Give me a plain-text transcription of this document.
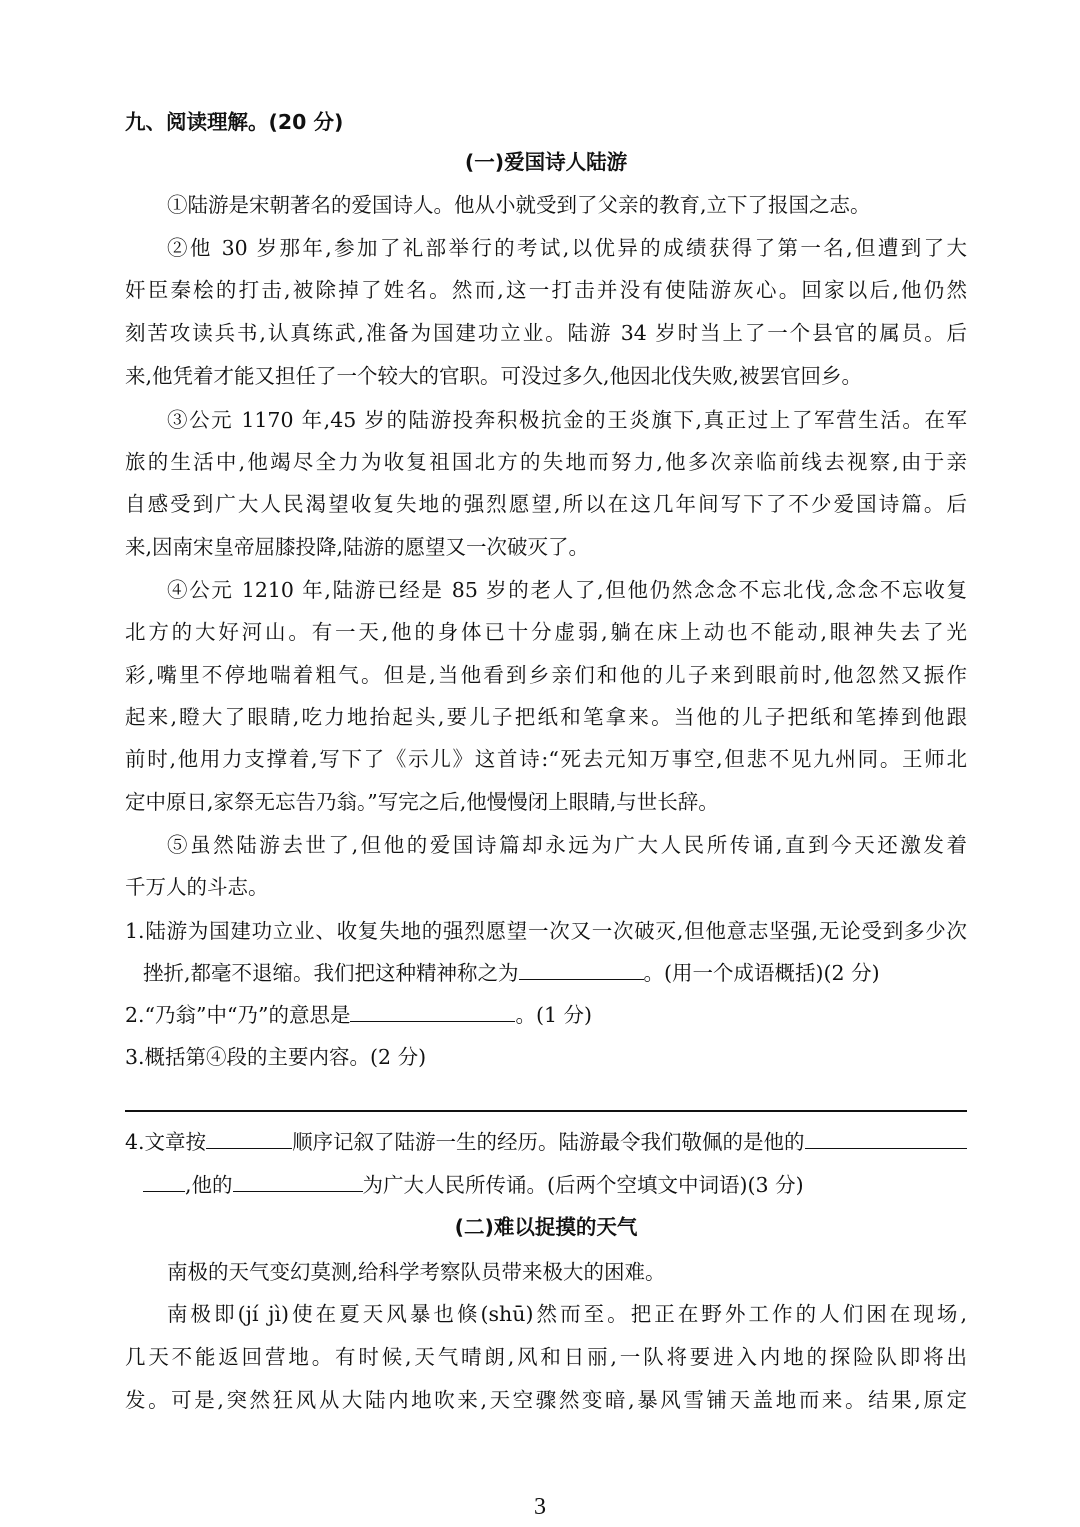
九、阅读理解。(20 分)
(一)爱国诗人陆游
①陆游是宋朝著名的爱国诗人。他从小就受到了父亲的教育,立下了报国之志。
②他 30 岁那年,参加了礼部举行的考试,以优异的成绩获得了第一名,但遭到了大
奸臣秦桧的打击,被除掉了姓名。然而,这一打击并没有使陆游灰心。回家以后,他仍然
刻苦攻读兵书,认真练武,准备为国建功立业。陆游 34 岁时当上了一个县官的属员。后
来,他凭着才能又担任了一个较大的官职。可没过多久,他因北伐失败,被罢官回乡。
③公元 1170 年,45 岁的陆游投奔积极抗金的王炎旗下,真正过上了军营生活。在军
旅的生活中,他竭尽全力为收复祖国北方的失地而努力,他多次亲临前线去视察,由于亲
自感受到广大人民渴望收复失地的强烈愿望,所以在这几年间写下了不少爱国诗篇。后
来,因南宋皇帝屈膝投降,陆游的愿望又一次破灭了。
④公元 1210 年,陆游已经是 85 岁的老人了,但他仍然念念不忘北伐,念念不忘收复
北方的大好河山。有一天,他的身体已十分虚弱,躺在床上动也不能动,眼神失去了光
彩,嘴里不停地喘着粗气。但是,当他看到乡亲们和他的儿子来到眼前时,他忽然又振作
起来,瞪大了眼睛,吃力地抬起头,要儿子把纸和笔拿来。当他的儿子把纸和笔捧到他跟
前时,他用力支撑着,写下了《示儿》这首诗:“死去元知万事空,但悲不见九州同。王师北
定中原日,家祭无忘告乃翁。”写完之后,他慢慢闭上眼睛,与世长辞。
⑤虽然陆游去世了,但他的爱国诗篇却永远为广大人民所传诵,直到今天还激发着
千万人的斗志。
1.陆游为国建功立业、收复失地的强烈愿望一次又一次破灭,但他意志坚强,无论受到多少次
挫折,都毫不退缩。我们把这种精神称之为	。(用一个成语概括)(2 分)
2.“乃翁”中“乃”的意思是	。(1 分)
3.概括第④段的主要内容。(2 分)
4.文章按	顺序记叙了陆游一生的经历。陆游最令我们敬佩的是他的
,他的	为广大人民所传诵。(后两个空填文中词语)(3 分)
(二)难以捉摸的天气
南极的天气变幻莫测,给科学考察队员带来极大的困难。
南极即(jí jì)使在夏天风暴也倏(shū)然而至。把正在野外工作的人们困在现场,
几天不能返回营地。有时候,天气晴朗,风和日丽,一队将要进入内地的探险队即将出
发。可是,突然狂风从大陆内地吹来,天空骤然变暗,暴风雪铺天盖地而来。结果,原定
3
